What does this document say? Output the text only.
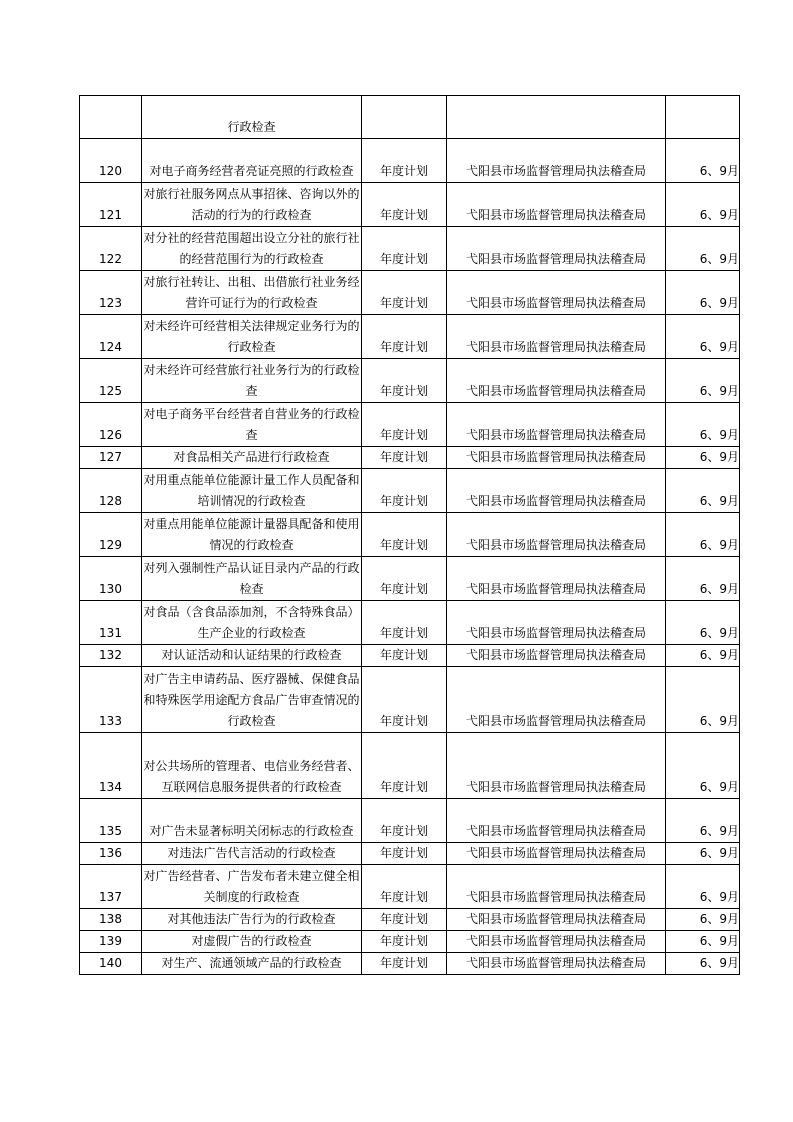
	行政检查			
120	对电子商务经营者亮证亮照的行政检查	年度计划	弋阳县市场监督管理局执法稽查局	6、9月
121	对旅行社服务网点从事招徕、咨询以外的活动的行为的行政检查	年度计划	弋阳县市场监督管理局执法稽查局	6、9月
122	对分社的经营范围超出设立分社的旅行社的经营范围行为的行政检查	年度计划	弋阳县市场监督管理局执法稽查局	6、9月
123	对旅行社转让、出租、出借旅行社业务经营许可证行为的行政检查	年度计划	弋阳县市场监督管理局执法稽查局	6、9月
124	对未经许可经营相关法律规定业务行为的行政检查	年度计划	弋阳县市场监督管理局执法稽查局	6、9月
125	对未经许可经营旅行社业务行为的行政检查	年度计划	弋阳县市场监督管理局执法稽查局	6、9月
126	对电子商务平台经营者自营业务的行政检查	年度计划	弋阳县市场监督管理局执法稽查局	6、9月
127	对食品相关产品进行行政检查	年度计划	弋阳县市场监督管理局执法稽查局	6、9月
128	对用重点能单位能源计量工作人员配备和培训情况的行政检查	年度计划	弋阳县市场监督管理局执法稽查局	6、9月
129	对重点用能单位能源计量器具配备和使用情况的行政检查	年度计划	弋阳县市场监督管理局执法稽查局	6、9月
130	对列入强制性产品认证目录内产品的行政检查	年度计划	弋阳县市场监督管理局执法稽查局	6、9月
131	对食品（含食品添加剂，不含特殊食品）生产企业的行政检查	年度计划	弋阳县市场监督管理局执法稽查局	6、9月
132	对认证活动和认证结果的行政检查	年度计划	弋阳县市场监督管理局执法稽查局	6、9月
133	对广告主申请药品、医疗器械、保健食品和特殊医学用途配方食品广告审查情况的行政检查	年度计划	弋阳县市场监督管理局执法稽查局	6、9月
134	对公共场所的管理者、电信业务经营者、互联网信息服务提供者的行政检查	年度计划	弋阳县市场监督管理局执法稽查局	6、9月
135	对广告未显著标明关闭标志的行政检查	年度计划	弋阳县市场监督管理局执法稽查局	6、9月
136	对违法广告代言活动的行政检查	年度计划	弋阳县市场监督管理局执法稽查局	6、9月
137	对广告经营者、广告发布者未建立健全相关制度的行政检查	年度计划	弋阳县市场监督管理局执法稽查局	6、9月
138	对其他违法广告行为的行政检查	年度计划	弋阳县市场监督管理局执法稽查局	6、9月
139	对虚假广告的行政检查	年度计划	弋阳县市场监督管理局执法稽查局	6、9月
140	对生产、流通领域产品的行政检查	年度计划	弋阳县市场监督管理局执法稽查局	6、9月
